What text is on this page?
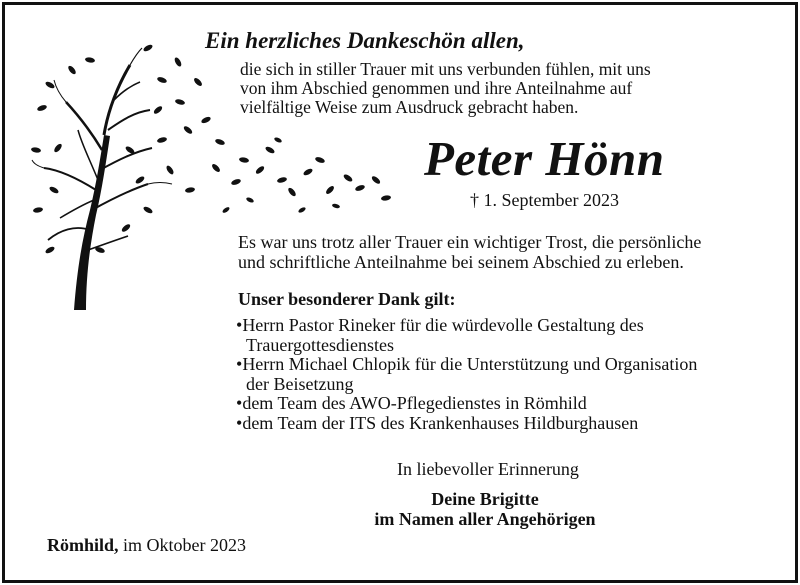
Ein herzliches Dankeschön allen,
die sich in stiller Trauer mit uns verbunden fühlen, mit uns
von ihm Abschied genommen und ihre Anteilnahme auf
vielfältige Weise zum Ausdruck gebracht haben.
Peter Hönn
† 1. September 2023
Es war uns trotz aller Trauer ein wichtiger Trost, die persönliche
und schriftliche Anteilnahme bei seinem Abschied zu erleben.
Unser besonderer Dank gilt:
•Herrn Pastor Rineker für die würdevolle Gestaltung des
Trauergottesdienstes
•Herrn Michael Chlopik für die Unterstützung und Organisation
der Beisetzung
•dem Team des AWO-Pflegedienstes in Römhild
•dem Team der ITS des Krankenhauses Hildburghausen
In liebevoller Erinnerung
Deine Brigitte
im Namen aller Angehörigen
Römhild, im Oktober 2023
